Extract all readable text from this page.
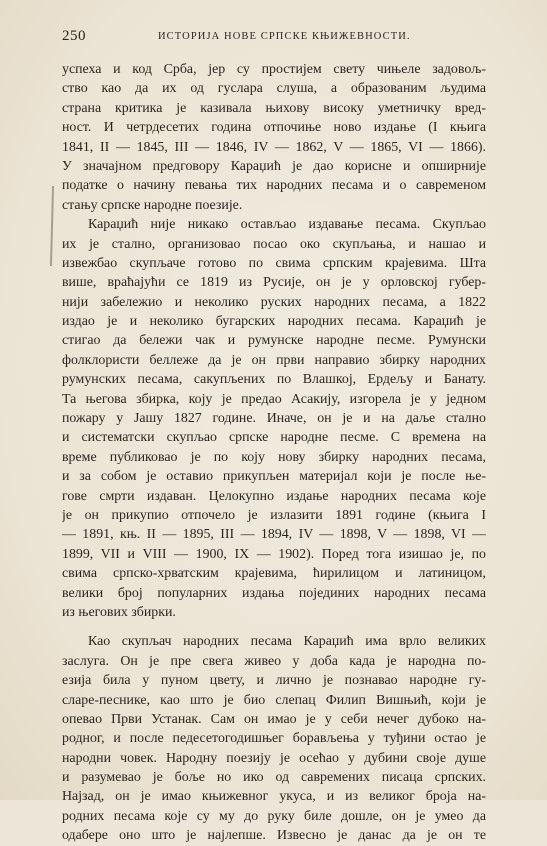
250	ИСТОРИЈА НОВЕ СРПСКЕ КЊИЖЕВНОСТИ.
успеха и код Срба, јер су простијем свету чињеле задовољ-
ство као да их од гуслара слуша, а образованим људима
страна критика је казивала њихову високу уметничку вред-
ност. И четрдесетих година отпочиње ново издање (I књига
1841, II — 1845, III — 1846, IV — 1862, V — 1865, VI — 1866).
У значајном предговору Караџић је дао корисне и опширније
податке о начину певања тих народних песама и о савременом
стању српске народне поезије.
Караџић није никако остављао издавање песама. Скупљао
их је стално, организовао посао око скупљања, и нашао и
извежбао скупљаче готово по свима српским крајевима. Шта
више, враћајући се 1819 из Русије, он је у орловској губер-
нији забележио и неколико руских народних песама, а 1822
издао је и неколико бугарских народних песама. Караџић је
стигао да бележи чак и румунске народне песме. Румунски
фолклористи беллеже да је он први направио збирку народних
румунских песама, сакупљених по Влашкој, Ердељу и Банату.
Та његова збирка, коју је предао Асакију, изгорела је у једном
пожару у Јашу 1827 године. Иначе, он је и на даље стално
и систематски скупљао српске народне песме. С времена на
време публиковао је по коју нову збирку народних песама,
и за собом је оставио прикупљен материјал који је после ње-
гове смрти издаван. Целокупно издање народних песама које
је он прикупио отпочело је излазити 1891 године (књига I
— 1891, књ. II — 1895, III — 1894, IV — 1898, V — 1898, VI —
1899, VII и VIII — 1900, IX — 1902). Поред тога изишао је, по
свима српско-хрватским крајевима, ћирилицом и латиницом,
велики број популарних издања појединих народних песама
из његових збирки.
Као скупљач народних песама Караџић има врло великих
заслуга. Он је пре свега живео у доба када је народна по-
езија била у пуном цвету, и лично је познавао народне гу-
сларе-песнике, као што је био слепац Филип Вишњић, који је
опевао Први Устанак. Сам он имао је у себи нечег дубоко на-
родног, и после педесетогодишњег бoрављења у туђини остао је
народни човек. Народну поезију је осећао у дубини своје душе
и разумевао је боље но ико од савремених писаца српских.
Најзад, он је имао књижевног укуса, и из великог броја на-
родних песама које су му до руку биле дошле, он је умео да
одабере оно што је најлепше. Извесно је данас да је он те
